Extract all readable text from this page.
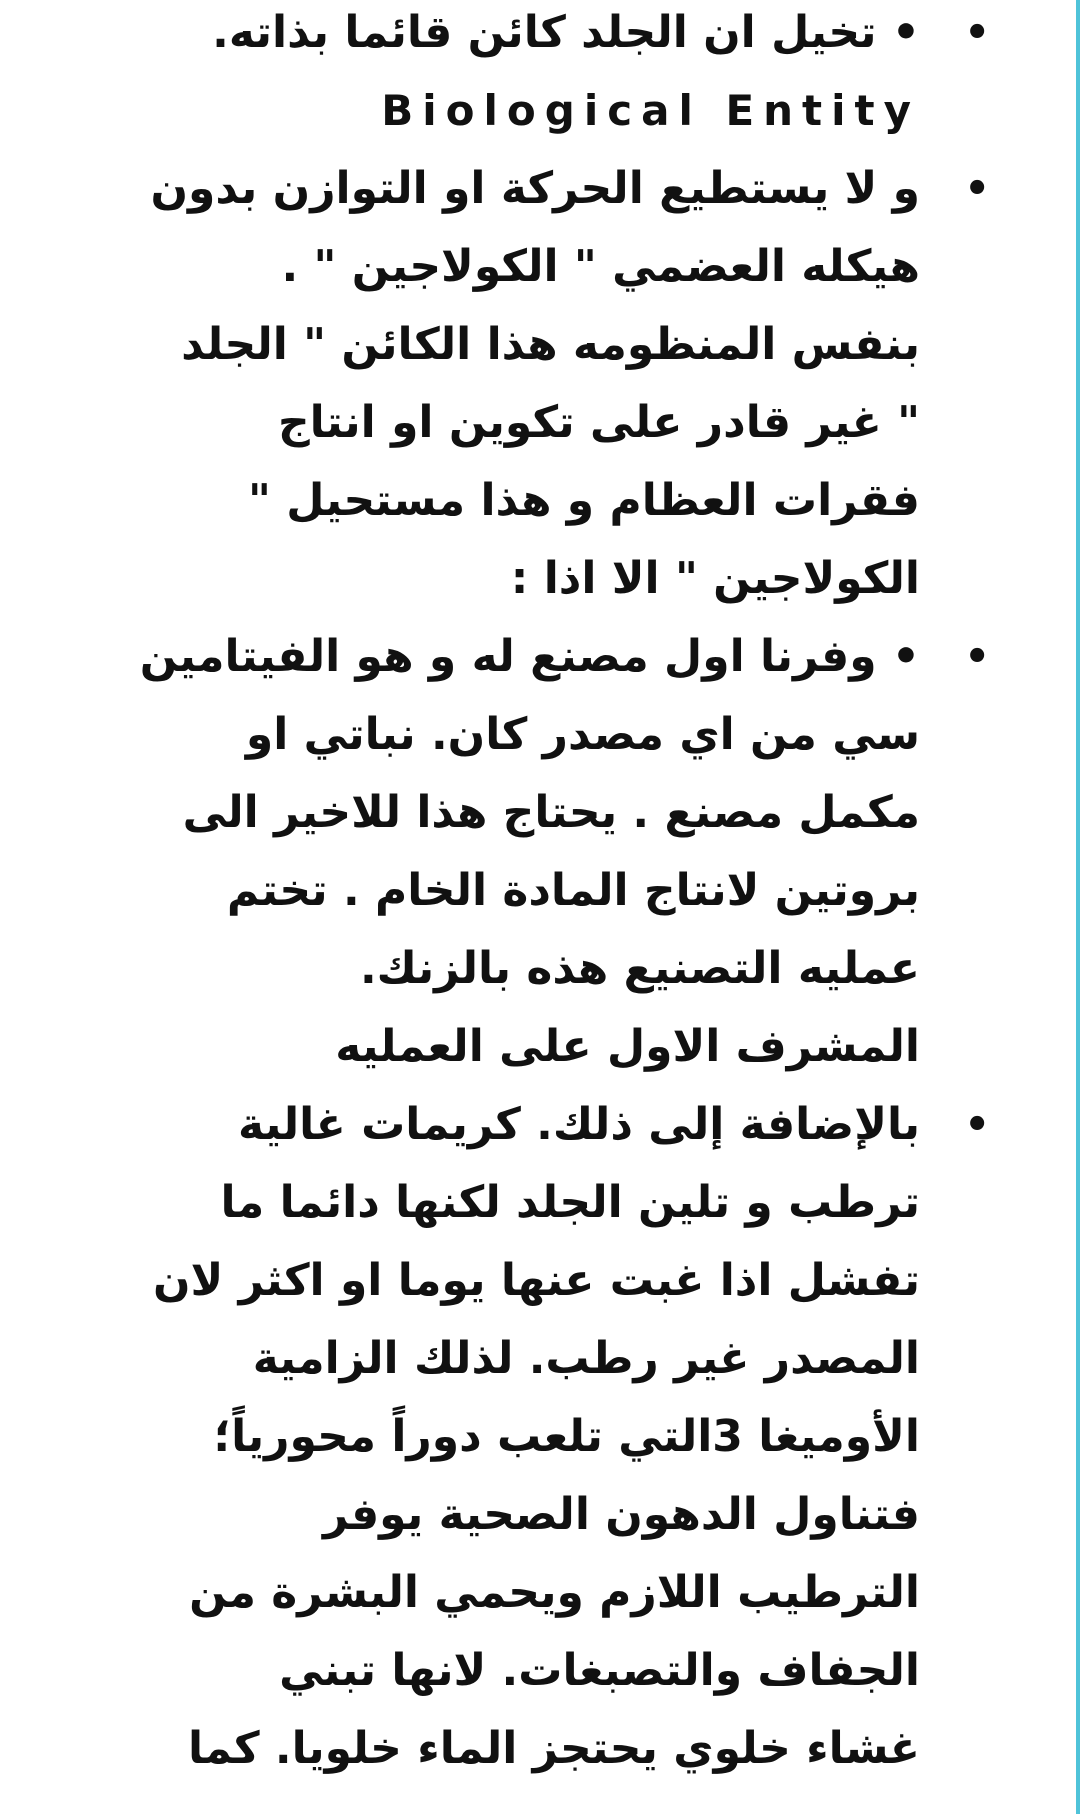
• • تخيل ان الجلد كائن قائما بذاته.
Biological Entity
• و لا يستطيع الحركة او التوازن بدون
هيكله العضمي " الكولاجين " .
بنفس المنظومه هذا الكائن " الجلد
" غير قادر على تكوين او انتاج
فقرات العظام و هذا مستحيل "
الكولاجين " الا اذا :
• • وفرنا اول مصنع له و هو الفيتامين
سي من اي مصدر كان. نباتي او
مكمل مصنع . يحتاج هذا للاخير الى
بروتين لانتاج المادة الخام . تختم
عمليه التصنيع هذه بالزنك.
المشرف الاول على العمليه
• بالإضافة إلى ذلك. كريمات غالية
ترطب و تلين الجلد لكنها دائما ما
تفشل اذا غبت عنها يوما او اكثر لان
المصدر غير رطب. لذلك الزامية
الأوميغا 3التي تلعب دوراً محورياً؛
فتناول الدهون الصحية يوفر
الترطيب اللازم ويحمي البشرة من
الجفاف والتصبغات. لانها تبني
غشاء خلوي يحتجز الماء خلويا. كما
